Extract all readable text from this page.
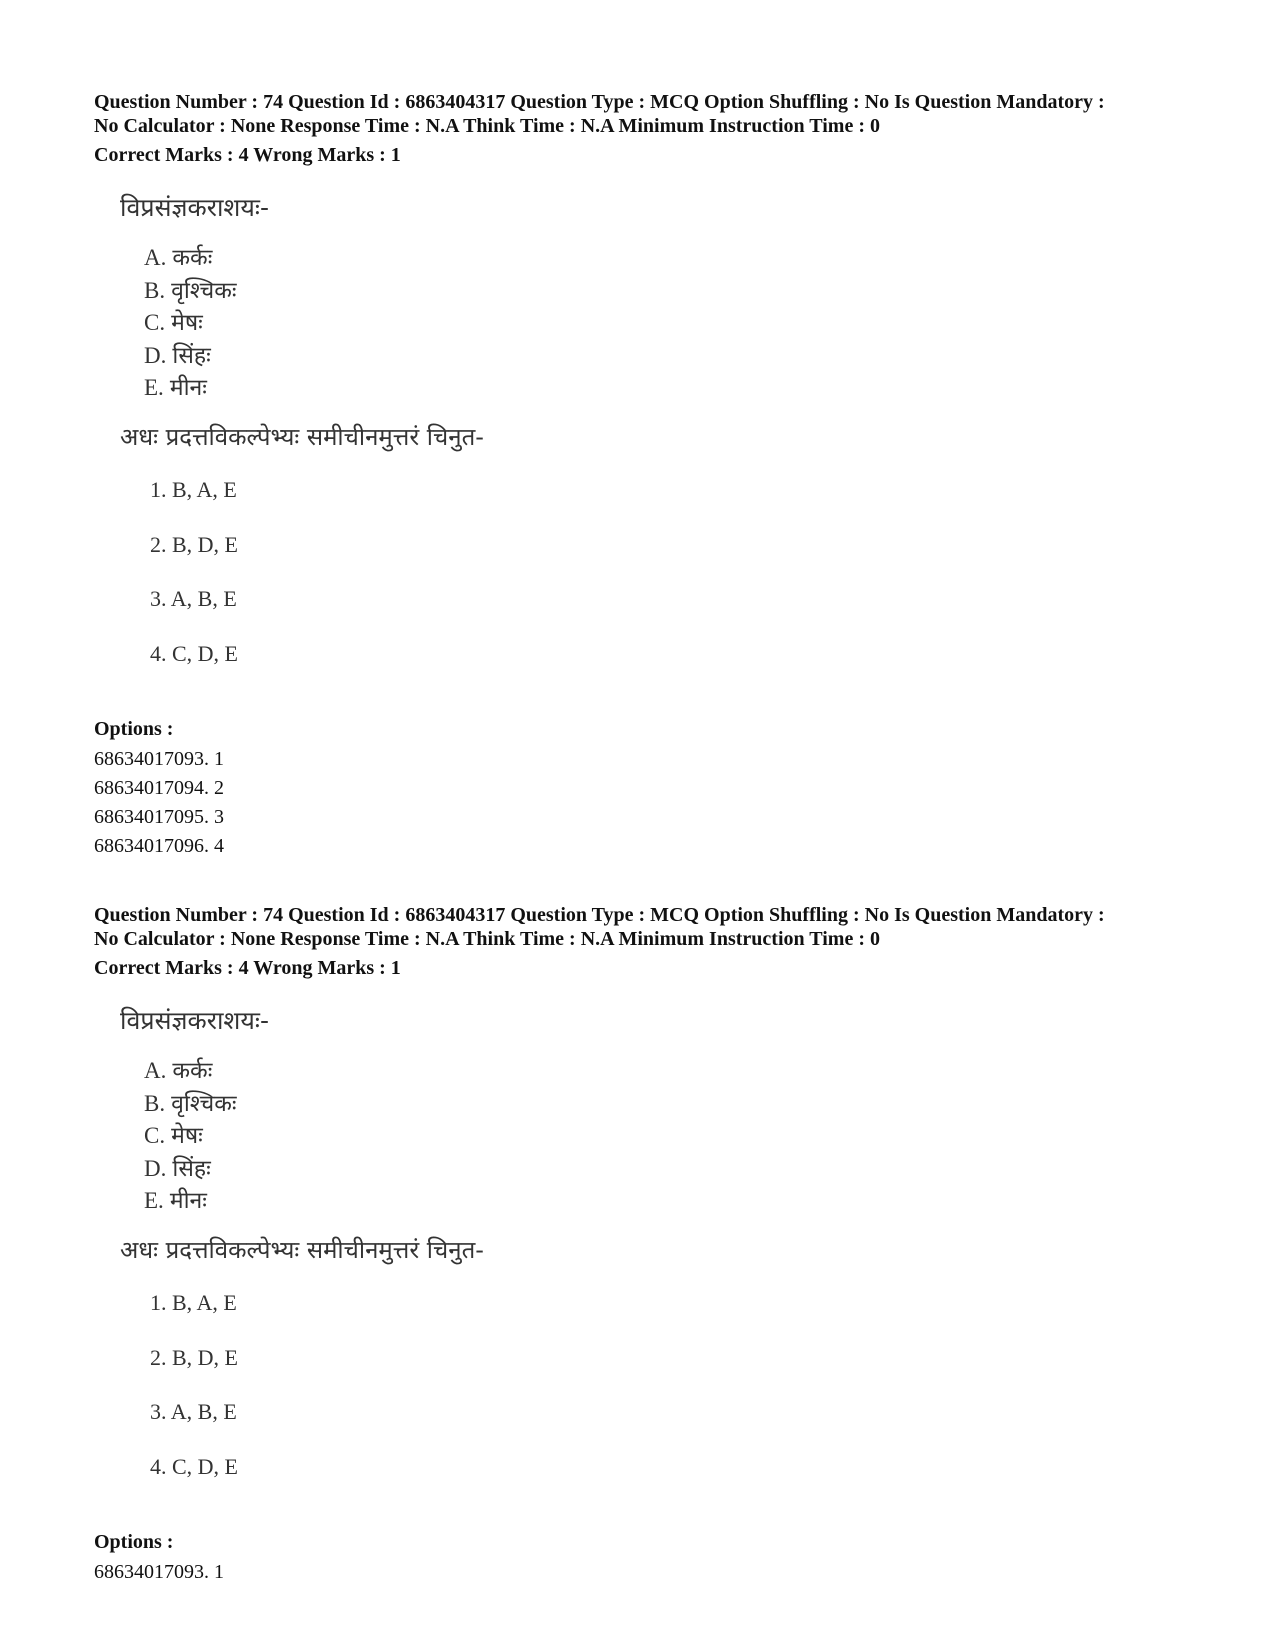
Question Number : 74 Question Id : 6863404317 Question Type : MCQ Option Shuffling : No Is Question Mandatory :
No Calculator : None Response Time : N.A Think Time : N.A Minimum Instruction Time : 0
Correct Marks : 4 Wrong Marks : 1
विप्रसंज्ञकराशयः-
A. कर्कः
B. वृश्चिकः
C. मेषः
D. सिंहः
E. मीनः
अधः प्रदत्तविकल्पेभ्यः समीचीनमुत्तरं चिनुत-
1. B, A, E
2. B, D, E
3. A, B, E
4. C, D, E
Options :
68634017093. 1
68634017094. 2
68634017095. 3
68634017096. 4
Question Number : 74 Question Id : 6863404317 Question Type : MCQ Option Shuffling : No Is Question Mandatory :
No Calculator : None Response Time : N.A Think Time : N.A Minimum Instruction Time : 0
Correct Marks : 4 Wrong Marks : 1
विप्रसंज्ञकराशयः-
A. कर्कः
B. वृश्चिकः
C. मेषः
D. सिंहः
E. मीनः
अधः प्रदत्तविकल्पेभ्यः समीचीनमुत्तरं चिनुत-
1. B, A, E
2. B, D, E
3. A, B, E
4. C, D, E
Options :
68634017093. 1
